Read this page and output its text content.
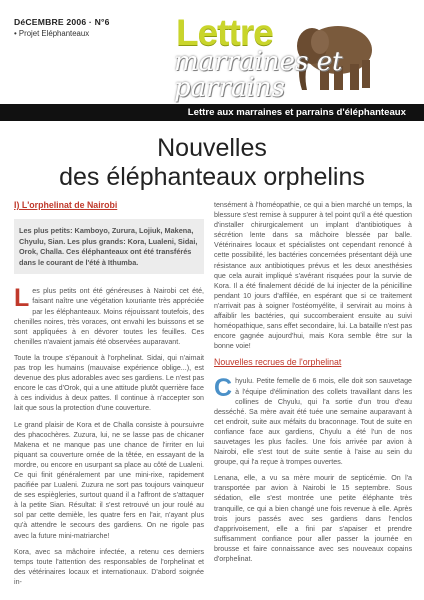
DéCEMBRE 2006 · N°6
• Projet Eléphanteaux Lettre
marraines et parrains
Lettre aux marraines et parrains d'éléphanteaux
Nouvelles
des éléphanteaux orphelins
I) L'orphelinat de Nairobi
Les plus petits: Kamboyo, Zurura, Lojiuk, Makena, Chyulu, Sian. Les plus grands: Kora, Lualeni, Sidai, Orok, Challa. Ces éléphanteaux ont été transférés dans le courant de l'été à Ithumba.

Les plus petits ont été généreuses à Nairobi cet été, faisant naître une végétation luxuriante très appréciée par les éléphanteaux. Moins réjouissant toutefois, des chenilles noires, très voraces, ont envahi les buissons et se sont appliquées à en dévorer toutes les feuilles. Ces chenilles n'avaient jamais été observées auparavant.

Toute la troupe s'épanouit à l'orphelinat. Sidai, qui n'aimait pas trop les humains (mauvaise expérience oblige...), est devenue des plus adorables avec ses gardiens. Le n'est pas encore le cas d'Orok, qui a une attitude plutôt querrière face à ces individus à deux pattes. Il continue à n'accepter son lait que sous la protection d'une couverture.

Le grand plaisir de Kora et de Challa consiste à poursuivre des phacochères. Zuzura, lui, ne se lasse pas de chicaner Makena et ne manque pas une chance de l'irriter en lui piquant sa couverture ornée de la têtée, en essayant de la mordre, ou encore en usurpant sa place au côté de Lualeni. Ce qui finit généralement par une mini-rixe, rapidement pacifiée par Lualeni. Zuzura ne sort pas toujours vainqueur de ses espiègleries, surtout quand il a l'affront de s'attaquer à la petite Sian. Résultat: il s'est retrouvé un jour roulé au sol par cette demièle, les quatre fers en l'air, n'ayant plus qu'à attendre le secours des gardiens. On ne rigole pas avec la future mini-matriarche!

Kora, avec sa mâchoire infectée, a retenu ces derniers temps toute l'attention des responsables de l'orphelinat et des vétérinaires locaux et internationaux. D'abord soignée in-

tensément à l'homéopathie, ce qui a bien marché un temps, la blessure s'est remise à suppurer à tel point qu'il a été question d'installer chirurgicalement un implant d'antibiotiques à sécrétion lente dans sa mâchoire blessée par balle. Vétérinaires locaux et spécialistes ont cependant renoncé à cette possibilité, les bactéries concernées présentant déjà une résistance aux antibiotiques prévus et les deux anesthésies que cela aurait impliqué s'avérant risquées pour la survie de Kora. Il a été finalement décidé de lui injecter de la pénicilline pendant 10 jours d'affilée, en espérant que si ce traitement n'arrivait pas à soigner l'ostéomyélite, il servirait au moins à affaiblir les bactéries, qui succomberaient ensuite au suivi homéopathique, sans effet secondaire, lui. La bataille n'est pas encore gagnée aujourd'hui, mais Kora semble être sur la bonne voie!

Nouvelles recrues de l'orphelinat

Chyulu. Petite femelle de 6 mois, elle doit son sauvetage à l'équipe d'élimination des collets travaillant dans les collines de Chyulu, qui l'a sortie d'un trou d'eau desséché. Sa mère avait été tuée une semaine auparavant à cet endroit, suite aux méfaits du braconnage. Tout de suite en confiance face aux gardiens, Chyulu a été l'un de nos sauvetages les plus faciles. Une fois arrivée par avion à Nairobi, elle s'est tout de suite sentie à l'aise au sein du groupe, qui l'a reçue à trompes ouvertes.

Lenana, elle, a vu sa mère mourir de septicémie. On l'a transportée par avion à Nairobi le 15 septembre. Sous sédation, elle s'est montrée une petite éléphante très tranquille, ce qui a bien changé une fois revenue à elle. Après trois jours passés avec ses gardiens dans l'enclos d'apprivoisement, elle a fini par s'apaiser et prendre suffisamment confiance pour aller passer la journée en brousse et faire connaissance avec ses nouveaux copains d'orphelinat.
